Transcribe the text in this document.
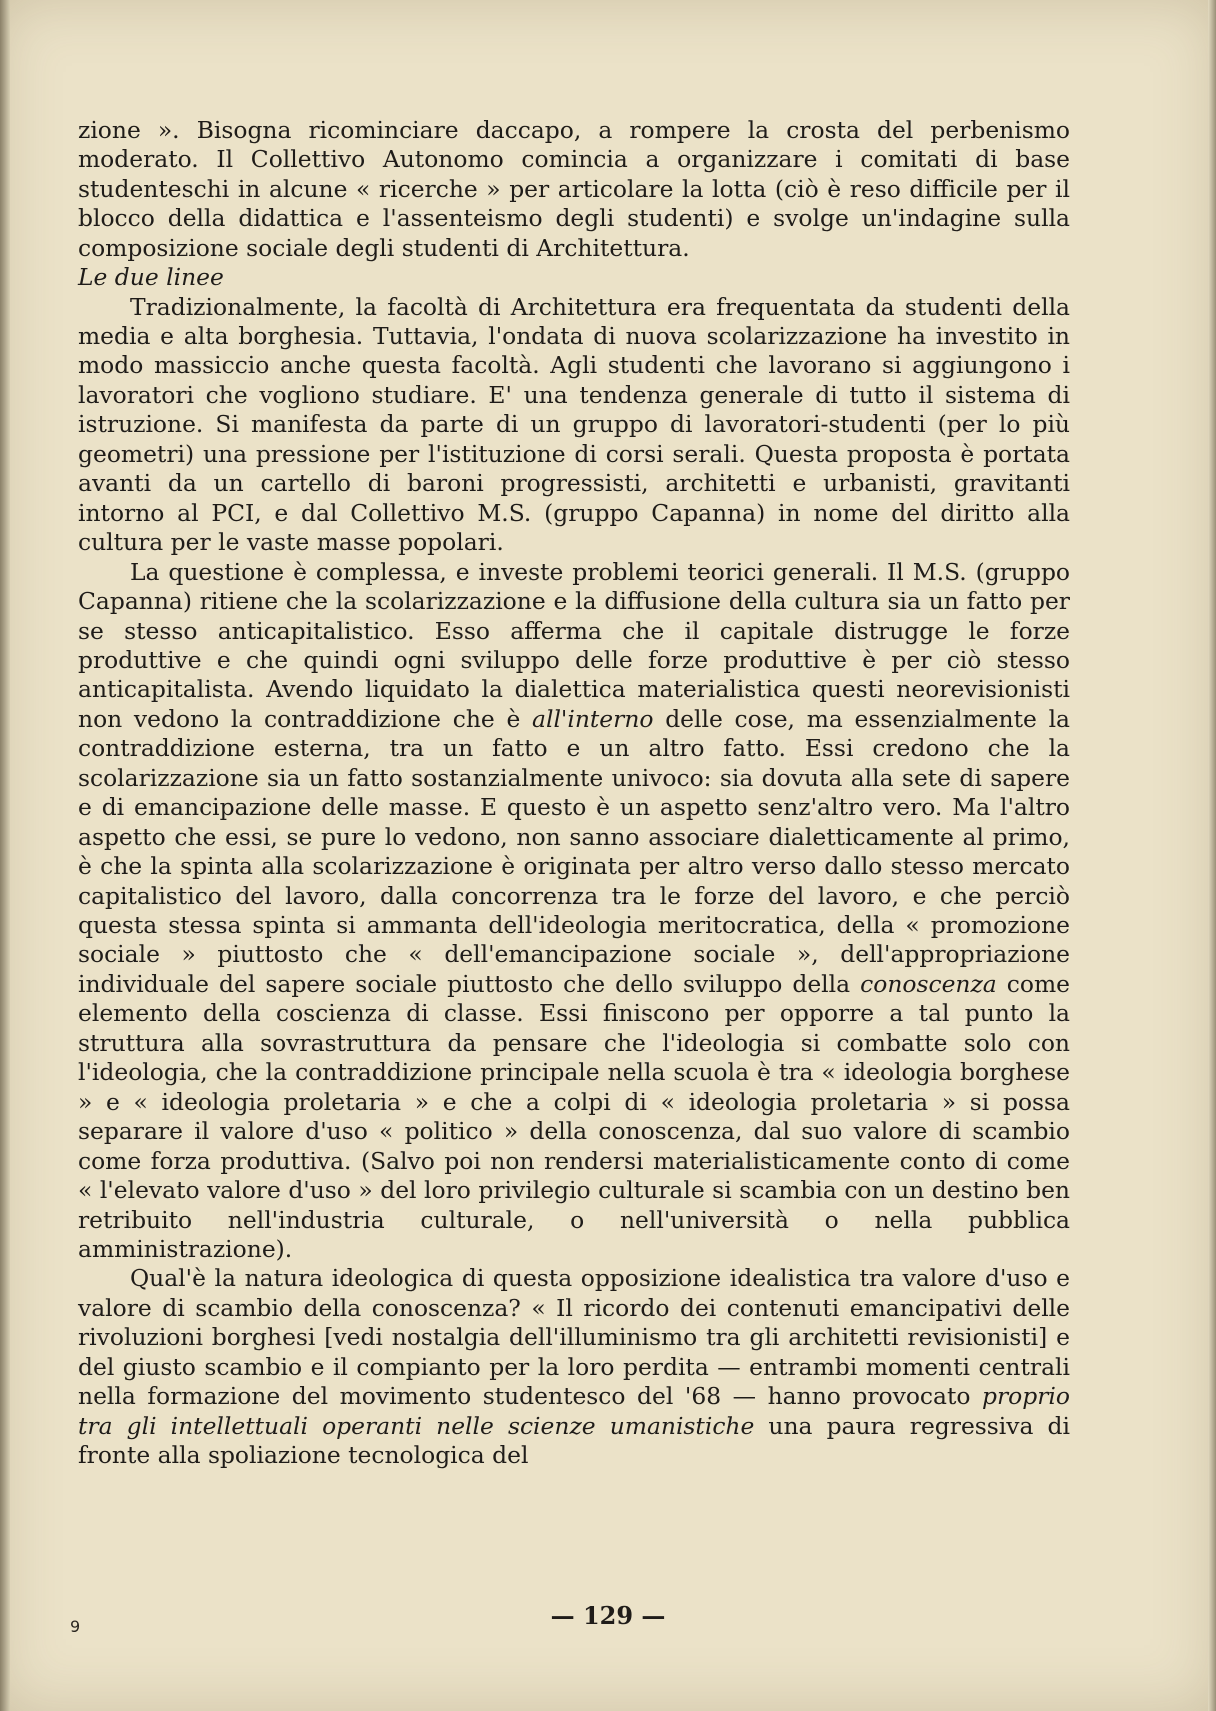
zione ». Bisogna ricominciare daccapo, a rompere la crosta del perbenismo moderato. Il Collettivo Autonomo comincia a organizzare i comitati di base studenteschi in alcune « ricerche » per articolare la lotta (ciò è reso difficile per il blocco della didattica e l'assenteismo degli studenti) e svolge un'indagine sulla composizione sociale degli studenti di Architettura.

Le due linee

Tradizionalmente, la facoltà di Architettura era frequentata da studenti della media e alta borghesia. Tuttavia, l'ondata di nuova scolarizzazione ha investito in modo massiccio anche questa facoltà. Agli studenti che lavorano si aggiungono i lavoratori che vogliono studiare. E' una tendenza generale di tutto il sistema di istruzione. Si manifesta da parte di un gruppo di lavoratori-studenti (per lo più geometri) una pressione per l'istituzione di corsi serali. Questa proposta è portata avanti da un cartello di baroni progressisti, architetti e urbanisti, gravitanti intorno al PCI, e dal Collettivo M.S. (gruppo Capanna) in nome del diritto alla cultura per le vaste masse popolari.

La questione è complessa, e investe problemi teorici generali. Il M.S. (gruppo Capanna) ritiene che la scolarizzazione e la diffusione della cultura sia un fatto per se stesso anticapitalistico. Esso afferma che il capitale distrugge le forze produttive e che quindi ogni sviluppo delle forze produttive è per ciò stesso anticapitalista. Avendo liquidato la dialettica materialistica questi neorevisionisti non vedono la contraddizione che è all'interno delle cose, ma essenzialmente la contraddizione esterna, tra un fatto e un altro fatto. Essi credono che la scolarizzazione sia un fatto sostanzialmente univoco: sia dovuta alla sete di sapere e di emancipazione delle masse. E questo è un aspetto senz'altro vero. Ma l'altro aspetto che essi, se pure lo vedono, non sanno associare dialetticamente al primo, è che la spinta alla scolarizzazione è originata per altro verso dallo stesso mercato capitalistico del lavoro, dalla concorrenza tra le forze del lavoro, e che perciò questa stessa spinta si ammanta dell'ideologia meritocratica, della « promozione sociale » piuttosto che « dell'emancipazione sociale », dell'appropriazione individuale del sapere sociale piuttosto che dello sviluppo della conoscenza come elemento della coscienza di classe. Essi finiscono per opporre a tal punto la struttura alla sovrastruttura da pensare che l'ideologia si combatte solo con l'ideologia, che la contraddizione principale nella scuola è tra « ideologia borghese » e « ideologia proletaria » e che a colpi di « ideologia proletaria » si possa separare il valore d'uso « politico » della conoscenza, dal suo valore di scambio come forza produttiva. (Salvo poi non rendersi materialisticamente conto di come « l'elevato valore d'uso » del loro privilegio culturale si scambia con un destino ben retribuito nell'industria culturale, o nell'università o nella pubblica amministrazione).

Qual'è la natura ideologica di questa opposizione idealistica tra valore d'uso e valore di scambio della conoscenza? « Il ricordo dei contenuti emancipativi delle rivoluzioni borghesi [vedi nostalgia dell'illuminismo tra gli architetti revisionisti] e del giusto scambio e il compianto per la loro perdita — entrambi momenti centrali nella formazione del movimento studentesco del '68 — hanno provocato proprio tra gli intellettuali operanti nelle scienze umanistiche una paura regressiva di fronte alla spoliazione tecnologica del

— 129 —
9
